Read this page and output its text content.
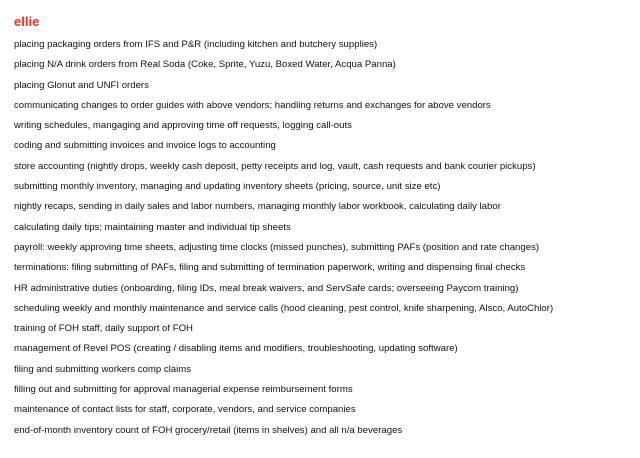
ellie
placing packaging orders from IFS and P&R (including kitchen and butchery supplies)
placing N/A drink orders from Real Soda (Coke, Sprite, Yuzu, Boxed Water, Acqua Panna)
placing Glonut and UNFI orders
communicating changes to order guides with above vendors; handling returns and exchanges for above vendors
writing schedules, mangaging and approving time off requests, logging call-outs
coding and submitting invoices and invoice logs to accounting
store accounting (nightly drops, weekly cash deposit, petty receipts and log, vault, cash requests and bank courier pickups)
submitting monthly inventory, managing and updating inventory sheets (pricing, source, unit size etc)
nightly recaps, sending in daily sales and labor numbers, managing monthly labor workbook, calculating daily labor
calculating daily tips; maintaining master and individual tip sheets
payroll: weekly approving time sheets, adjusting time clocks (missed punches), submitting PAFs (position and rate changes)
terminations: filing submitting of PAFs, filing and submitting of termination paperwork, writing and dispensing final checks
HR administrative duties (onboarding, filing IDs, meal break waivers, and ServSafe cards; overseeing Paycom training)
scheduling weekly and monthly maintenance and service calls (hood cleaning, pest control, knife sharpening, Alsco, AutoChlor)
training of FOH staff, daily support of FOH
management of Revel POS (creating / disabling items and modifiers, troubleshooting, updating software)
filing and submitting workers comp claims
filling out and submitting for approval managerial expense reimbursement forms
maintenance of contact lists for staff, corporate, vendors, and service companies
end-of-month inventory count of FOH grocery/retail (items in shelves) and all n/a beverages
